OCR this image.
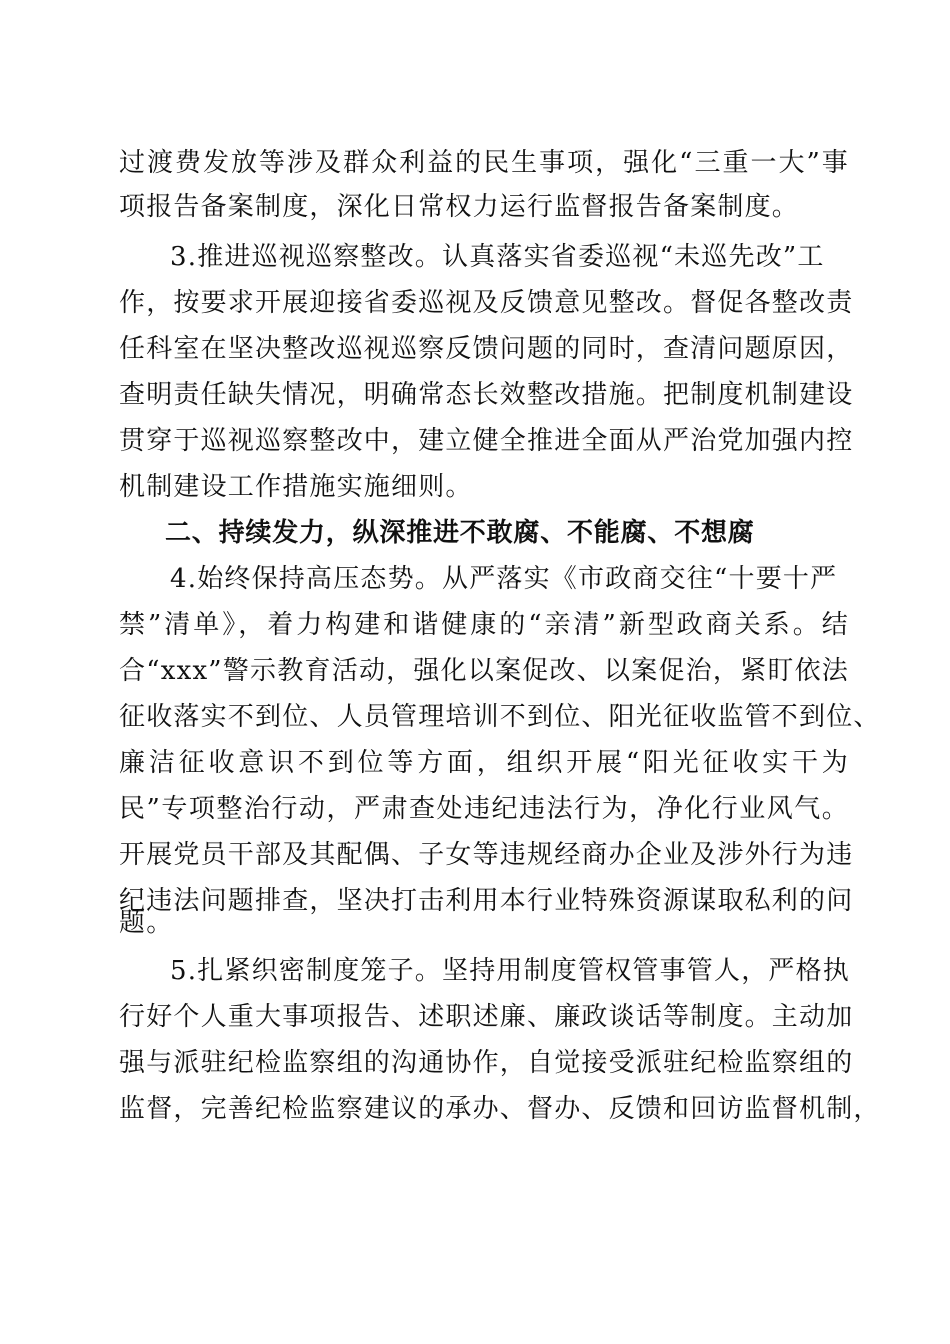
过渡费发放等涉及群众利益的民生事项，强化“三重一大”事
项报告备案制度，深化日常权力运行监督报告备案制度。
3.推进巡视巡察整改。认真落实省委巡视“未巡先改”工
作，按要求开展迎接省委巡视及反馈意见整改。督促各整改责
任科室在坚决整改巡视巡察反馈问题的同时，查清问题原因，
查明责任缺失情况，明确常态长效整改措施。把制度机制建设
贯穿于巡视巡察整改中，建立健全推进全面从严治党加强内控
机制建设工作措施实施细则。
二、持续发力，纵深推进不敢腐、不能腐、不想腐
4.始终保持高压态势。从严落实《市政商交往“十要十严
禁”清单》，着力构建和谐健康的“亲清”新型政商关系。结
合“xxx”警示教育活动，强化以案促改、以案促治，紧盯依法
征收落实不到位、人员管理培训不到位、阳光征收监管不到位、
廉洁征收意识不到位等方面，组织开展“阳光征收实干为
民”专项整治行动，严肃查处违纪违法行为，净化行业风气。
开展党员干部及其配偶、子女等违规经商办企业及涉外行为违
纪违法问题排查，坚决打击利用本行业特殊资源谋取私利的问
题。
5.扎紧织密制度笼子。坚持用制度管权管事管人，严格执
行好个人重大事项报告、述职述廉、廉政谈话等制度。主动加
强与派驻纪检监察组的沟通协作，自觉接受派驻纪检监察组的
监督，完善纪检监察建议的承办、督办、反馈和回访监督机制，
